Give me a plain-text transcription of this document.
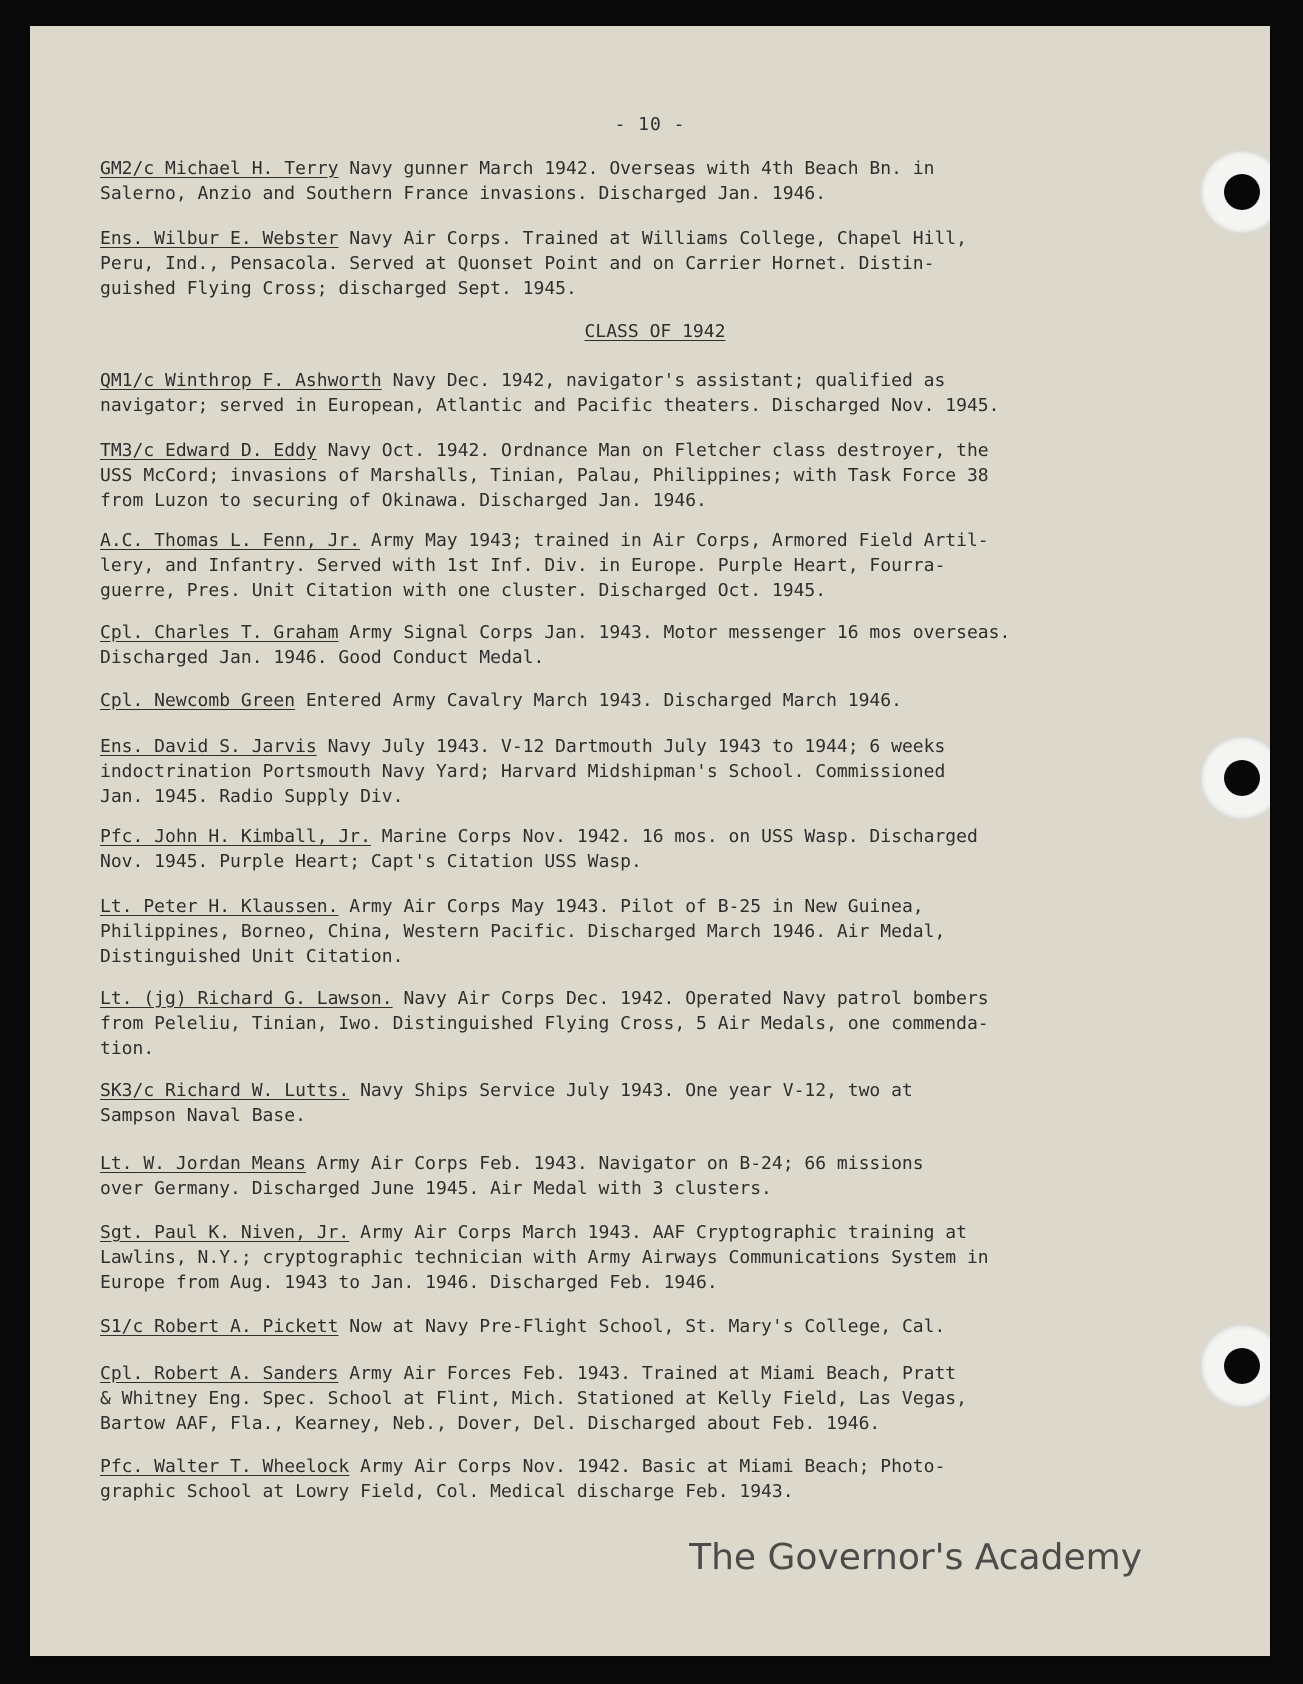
- 10 -
GM2/c Michael H. Terry Navy gunner March 1942. Overseas with 4th Beach Bn. in
Salerno, Anzio and Southern France invasions. Discharged Jan. 1946.
Ens. Wilbur E. Webster Navy Air Corps. Trained at Williams College, Chapel Hill,
Peru, Ind., Pensacola. Served at Quonset Point and on Carrier Hornet. Distin-
guished Flying Cross; discharged Sept. 1945.
CLASS OF 1942
QM1/c Winthrop F. Ashworth Navy Dec. 1942, navigator's assistant; qualified as
navigator; served in European, Atlantic and Pacific theaters. Discharged Nov. 1945.
TM3/c Edward D. Eddy Navy Oct. 1942. Ordnance Man on Fletcher class destroyer, the
USS McCord; invasions of Marshalls, Tinian, Palau, Philippines; with Task Force 38
from Luzon to securing of Okinawa. Discharged Jan. 1946.
A.C. Thomas L. Fenn, Jr. Army May 1943; trained in Air Corps, Armored Field Artil-
lery, and Infantry. Served with 1st Inf. Div. in Europe. Purple Heart, Fourra-
guerre, Pres. Unit Citation with one cluster. Discharged Oct. 1945.
Cpl. Charles T. Graham Army Signal Corps Jan. 1943. Motor messenger 16 mos overseas.
Discharged Jan. 1946. Good Conduct Medal.
Cpl. Newcomb Green Entered Army Cavalry March 1943. Discharged March 1946.
Ens. David S. Jarvis Navy July 1943. V-12 Dartmouth July 1943 to 1944; 6 weeks
indoctrination Portsmouth Navy Yard; Harvard Midshipman's School. Commissioned
Jan. 1945. Radio Supply Div.
Pfc. John H. Kimball, Jr. Marine Corps Nov. 1942. 16 mos. on USS Wasp. Discharged
Nov. 1945. Purple Heart; Capt's Citation USS Wasp.
Lt. Peter H. Klaussen. Army Air Corps May 1943. Pilot of B-25 in New Guinea,
Philippines, Borneo, China, Western Pacific. Discharged March 1946. Air Medal,
Distinguished Unit Citation.
Lt. (jg) Richard G. Lawson. Navy Air Corps Dec. 1942. Operated Navy patrol bombers
from Peleliu, Tinian, Iwo. Distinguished Flying Cross, 5 Air Medals, one commenda-
tion.
SK3/c Richard W. Lutts. Navy Ships Service July 1943. One year V-12, two at
Sampson Naval Base.
Lt. W. Jordan Means Army Air Corps Feb. 1943. Navigator on B-24; 66 missions
over Germany. Discharged June 1945. Air Medal with 3 clusters.
Sgt. Paul K. Niven, Jr. Army Air Corps March 1943. AAF Cryptographic training at
Lawlins, N.Y.; cryptographic technician with Army Airways Communications System in
Europe from Aug. 1943 to Jan. 1946. Discharged Feb. 1946.
S1/c Robert A. Pickett Now at Navy Pre-Flight School, St. Mary's College, Cal.
Cpl. Robert A. Sanders Army Air Forces Feb. 1943. Trained at Miami Beach, Pratt
& Whitney Eng. Spec. School at Flint, Mich. Stationed at Kelly Field, Las Vegas,
Bartow AAF, Fla., Kearney, Neb., Dover, Del. Discharged about Feb. 1946.
Pfc. Walter T. Wheelock Army Air Corps Nov. 1942. Basic at Miami Beach; Photo-
graphic School at Lowry Field, Col. Medical discharge Feb. 1943.
The Governor's Academy
